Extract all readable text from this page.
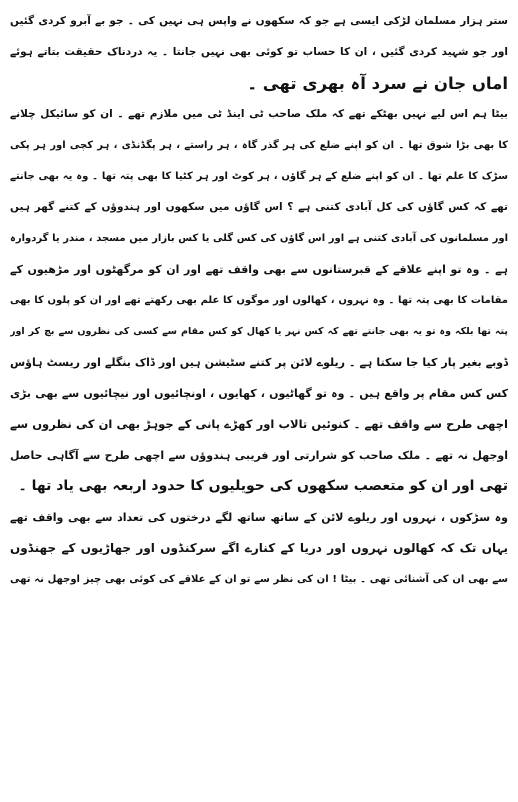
ستر ہزار مسلمان لڑکی ایسی ہے جو کہ سکھوں نے واپس ہی نہیں کی ۔ جو بے آبرو کردی گئیں
اور جو شہید کردی گئیں ، ان کا حساب تو کوئی بھی نہیں جانتا ۔ یہ دردناک حقیقت بتاتے ہوئے
اماں جان نے سرد آہ بھری تھی ۔
بیٹا ہم اس لیے نہیں بھٹکے تھے کہ ملک صاحب ٹی اینڈ ٹی میں ملازم تھے ۔ ان کو سائیکل چلانے
کا بھی بڑا شوق تھا ۔ ان کو اپنے ضلع کی ہر گذر گاہ ، ہر راستے ، ہر پگڈنڈی ، ہر کچی اور ہر پکی
سڑک کا علم تھا ۔ ان کو اپنے ضلع کے ہر گاؤں ، ہر کوٹ اور ہر کٹیا کا بھی پتہ تھا ۔ وہ یہ بھی جانتے
تھے کہ کس گاؤں کی کل آبادی کتنی ہے ؟ اس گاؤں میں سکھوں اور ہندوؤں کے کتنے گھر ہیں
اور مسلمانوں کی آبادی کتنی ہے اور اس گاؤں کی کس گلی یا کس بازار میں مسجد ، مندر یا گردوارہ
ہے ۔ وہ تو اپنے علاقے کے قبرستانوں سے بھی واقف تھے اور ان کو مرگھٹوں اور مڑھیوں کے
مقامات کا بھی پتہ تھا ۔ وہ نہروں ، کھالوں اور موگوں کا علم بھی رکھتے تھے اور ان کو پلوں کا بھی
پتہ تھا بلکہ وہ تو یہ بھی جانتے تھے کہ کس نہر یا کھال کو کس مقام سے کسی کی نظروں سے بچ کر اور
ڈوبے بغیر پار کیا جا سکتا ہے ۔ ریلوے لائن پر کتنے سٹیشن ہیں اور ڈاک بنگلے اور ریسٹ ہاؤس
کس کس مقام پر واقع ہیں ۔ وہ تو گھاٹیوں ، کھایوں ، اونچائیوں اور نیچائیوں سے بھی بڑی
اچھی طرح سے واقف تھے ۔ کنوئیں تالاب اور کھڑے پانی کے جوہڑ بھی ان کی نظروں سے
اوجھل نہ تھے ۔ ملک صاحب کو شرارتی اور فریبی ہندوؤں سے اچھی طرح سے آگاہی حاصل
تھی اور ان کو متعصب سکھوں کی حویلیوں کا حدود اربعہ بھی یاد تھا ۔
وہ سڑکوں ، نہروں اور ریلوے لائن کے ساتھ ساتھ لگے درختوں کی تعداد سے بھی واقف تھے
یہاں تک کہ کھالوں نہروں اور دریا کے کنارے اگے سرکنڈوں اور جھاڑیوں کے جھنڈوں
سے بھی ان کی آشنائی تھی ۔ بیٹا ! ان کی نظر سے تو ان کے علاقے کی کوئی بھی چیز اوجھل نہ تھی
